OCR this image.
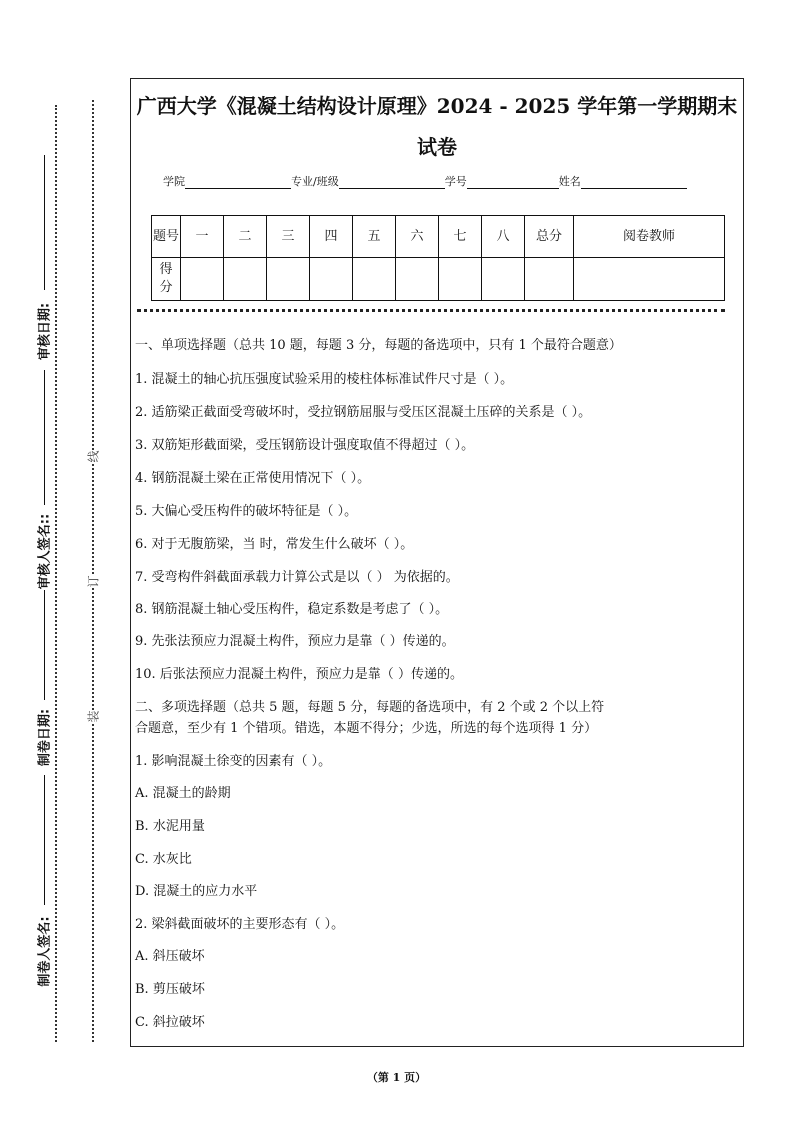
线
订
装
审核日期:
审核人签名::
制卷日期:
制卷人签名:
广西大学《混凝土结构设计原理》2024 - 2025 学年第一学期期末
试卷
学院	专业/班级	学号	姓名
题号	一	二	三	四	五	六	七	八	总分	阅卷教师
得分										
一、单项选择题（总共 10 题，每题 3 分，每题的备选项中，只有 1 个最符合题意）
1. 混凝土的轴心抗压强度试验采用的棱柱体标准试件尺寸是（ ）。
2. 适筋梁正截面受弯破坏时，受拉钢筋屈服与受压区混凝土压碎的关系是（ ）。
3. 双筋矩形截面梁，受压钢筋设计强度取值不得超过（ ）。
4. 钢筋混凝土梁在正常使用情况下（ ）。
5. 大偏心受压构件的破坏特征是（ ）。
6. 对于无腹筋梁，当 时，常发生什么破坏（ ）。
7. 受弯构件斜截面承载力计算公式是以（ ） 为依据的。
8. 钢筋混凝土轴心受压构件，稳定系数是考虑了（ ）。
9. 先张法预应力混凝土构件，预应力是靠（ ）传递的。
10. 后张法预应力混凝土构件，预应力是靠（ ）传递的。
二、多项选择题（总共 5 题，每题 5 分，每题的备选项中，有 2 个或 2 个以上符
合题意，至少有 1 个错项。错选，本题不得分；少选，所选的每个选项得 1 分）
1. 影响混凝土徐变的因素有（ ）。
A. 混凝土的龄期
B. 水泥用量
C. 水灰比
D. 混凝土的应力水平
2. 梁斜截面破坏的主要形态有（ ）。
A. 斜压破坏
B. 剪压破坏
C. 斜拉破坏
（第 1 页）
